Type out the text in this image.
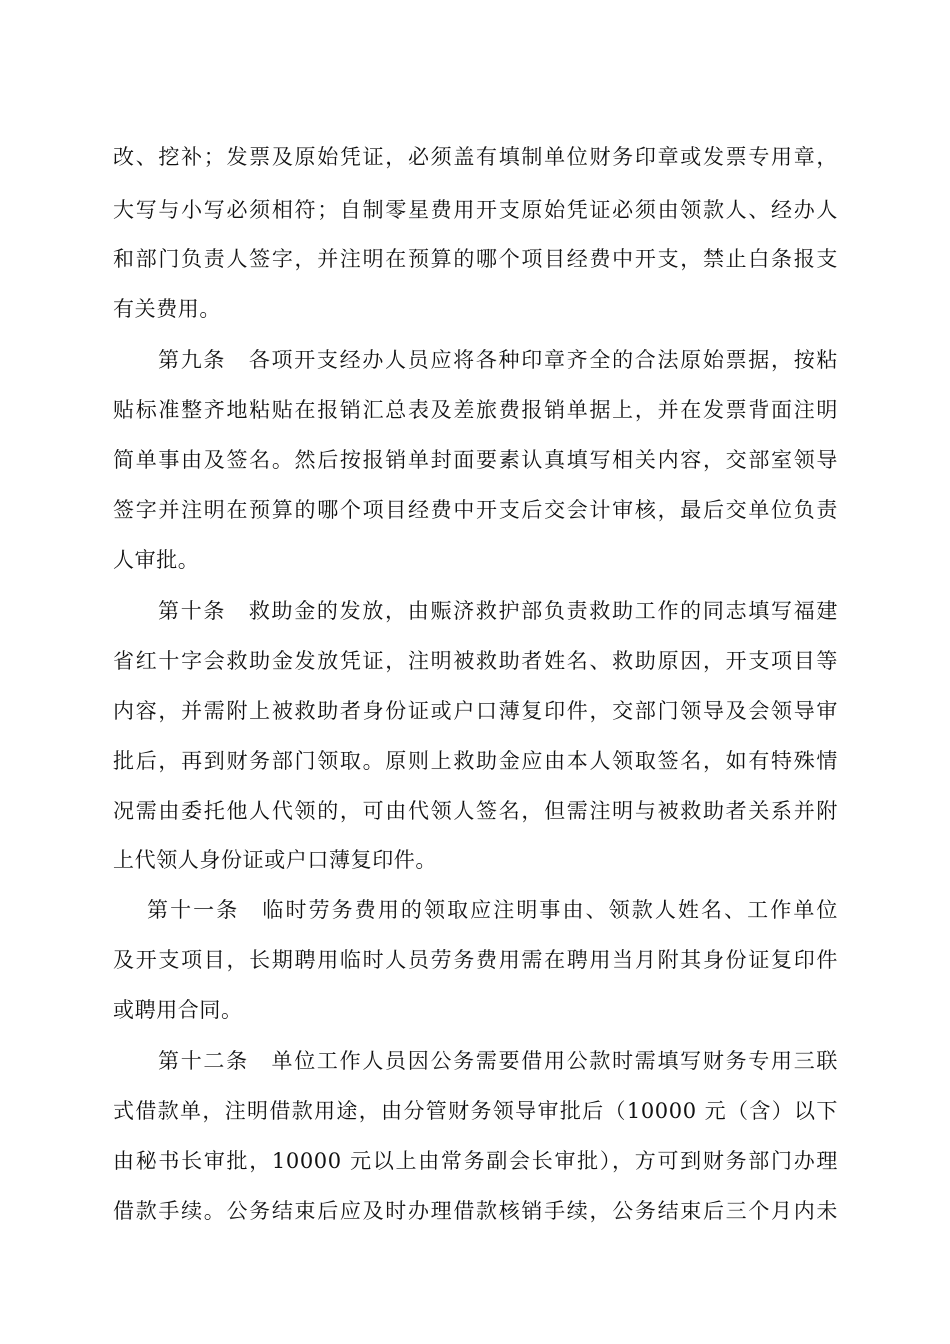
改、挖补；发票及原始凭证，必须盖有填制单位财务印章或发票专用章，
大写与小写必须相符；自制零星费用开支原始凭证必须由领款人、经办人
和部门负责人签字，并注明在预算的哪个项目经费中开支，禁止白条报支
有关费用。
第九条　各项开支经办人员应将各种印章齐全的合法原始票据，按粘
贴标准整齐地粘贴在报销汇总表及差旅费报销单据上，并在发票背面注明
简单事由及签名。然后按报销单封面要素认真填写相关内容，交部室领导
签字并注明在预算的哪个项目经费中开支后交会计审核，最后交单位负责
人审批。
第十条　救助金的发放，由赈济救护部负责救助工作的同志填写福建
省红十字会救助金发放凭证，注明被救助者姓名、救助原因，开支项目等
内容，并需附上被救助者身份证或户口薄复印件，交部门领导及会领导审
批后，再到财务部门领取。原则上救助金应由本人领取签名，如有特殊情
况需由委托他人代领的，可由代领人签名，但需注明与被救助者关系并附
上代领人身份证或户口薄复印件。
第十一条　临时劳务费用的领取应注明事由、领款人姓名、工作单位
及开支项目，长期聘用临时人员劳务费用需在聘用当月附其身份证复印件
或聘用合同。
第十二条　单位工作人员因公务需要借用公款时需填写财务专用三联
式借款单，注明借款用途，由分管财务领导审批后（10000 元（含）以下
由秘书长审批，10000 元以上由常务副会长审批），方可到财务部门办理
借款手续。公务结束后应及时办理借款核销手续，公务结束后三个月内未
